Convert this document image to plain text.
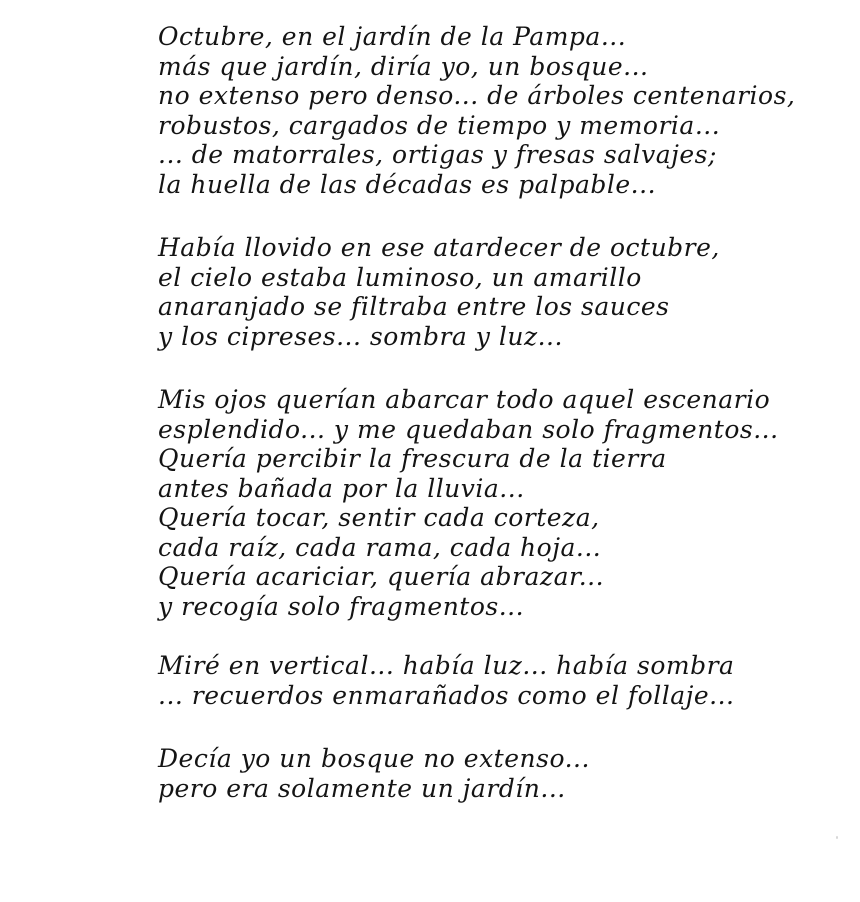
Octubre, en el jardín de la Pampa...
más que jardín, diría yo, un bosque...
no extenso pero denso... de árboles centenarios,
robustos, cargados de tiempo y memoria...
... de matorrales, ortigas y fresas salvajes;
la huella de las décadas es palpable...
Había llovido en ese atardecer de octubre,
el cielo estaba luminoso, un amarillo
anaranjado se filtraba entre los sauces
y los cipreses... sombra y luz...
Mis ojos querían abarcar todo aquel escenario
esplendido... y me quedaban solo fragmentos...
Quería percibir la frescura de la tierra
antes bañada por la lluvia...
Quería tocar, sentir cada corteza,
cada raíz, cada rama, cada hoja...
Quería acariciar, quería abrazar...
y recogía solo fragmentos...
Miré en vertical... había luz... había sombra
... recuerdos enmarañados como el follaje...
Decía yo un bosque no extenso...
pero era solamente un jardín...
